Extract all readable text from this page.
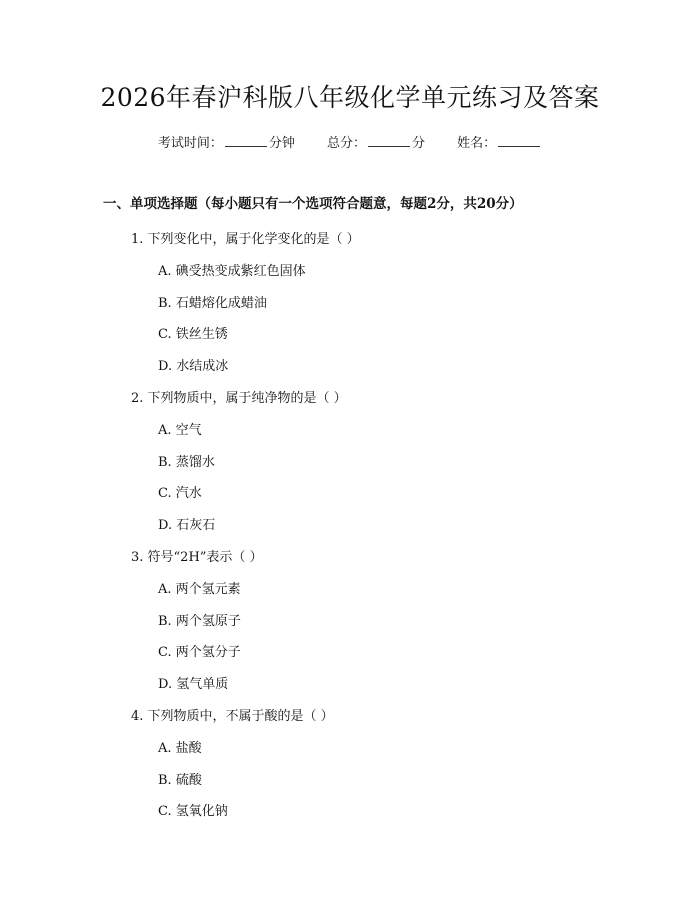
2026年春沪科版八年级化学单元练习及答案
考试时间：	分钟 总分：	分 姓名：
一、单项选择题（每小题只有一个选项符合题意，每题2分，共20分）
1. 下列变化中，属于化学变化的是（ ）
A. 碘受热变成紫红色固体
B. 石蜡熔化成蜡油
C. 铁丝生锈
D. 水结成冰
2. 下列物质中，属于纯净物的是（ ）
A. 空气
B. 蒸馏水
C. 汽水
D. 石灰石
3. 符号“2H”表示（ ）
A. 两个氢元素
B. 两个氢原子
C. 两个氢分子
D. 氢气单质
4. 下列物质中，不属于酸的是（ ）
A. 盐酸
B. 硫酸
C. 氢氧化钠
